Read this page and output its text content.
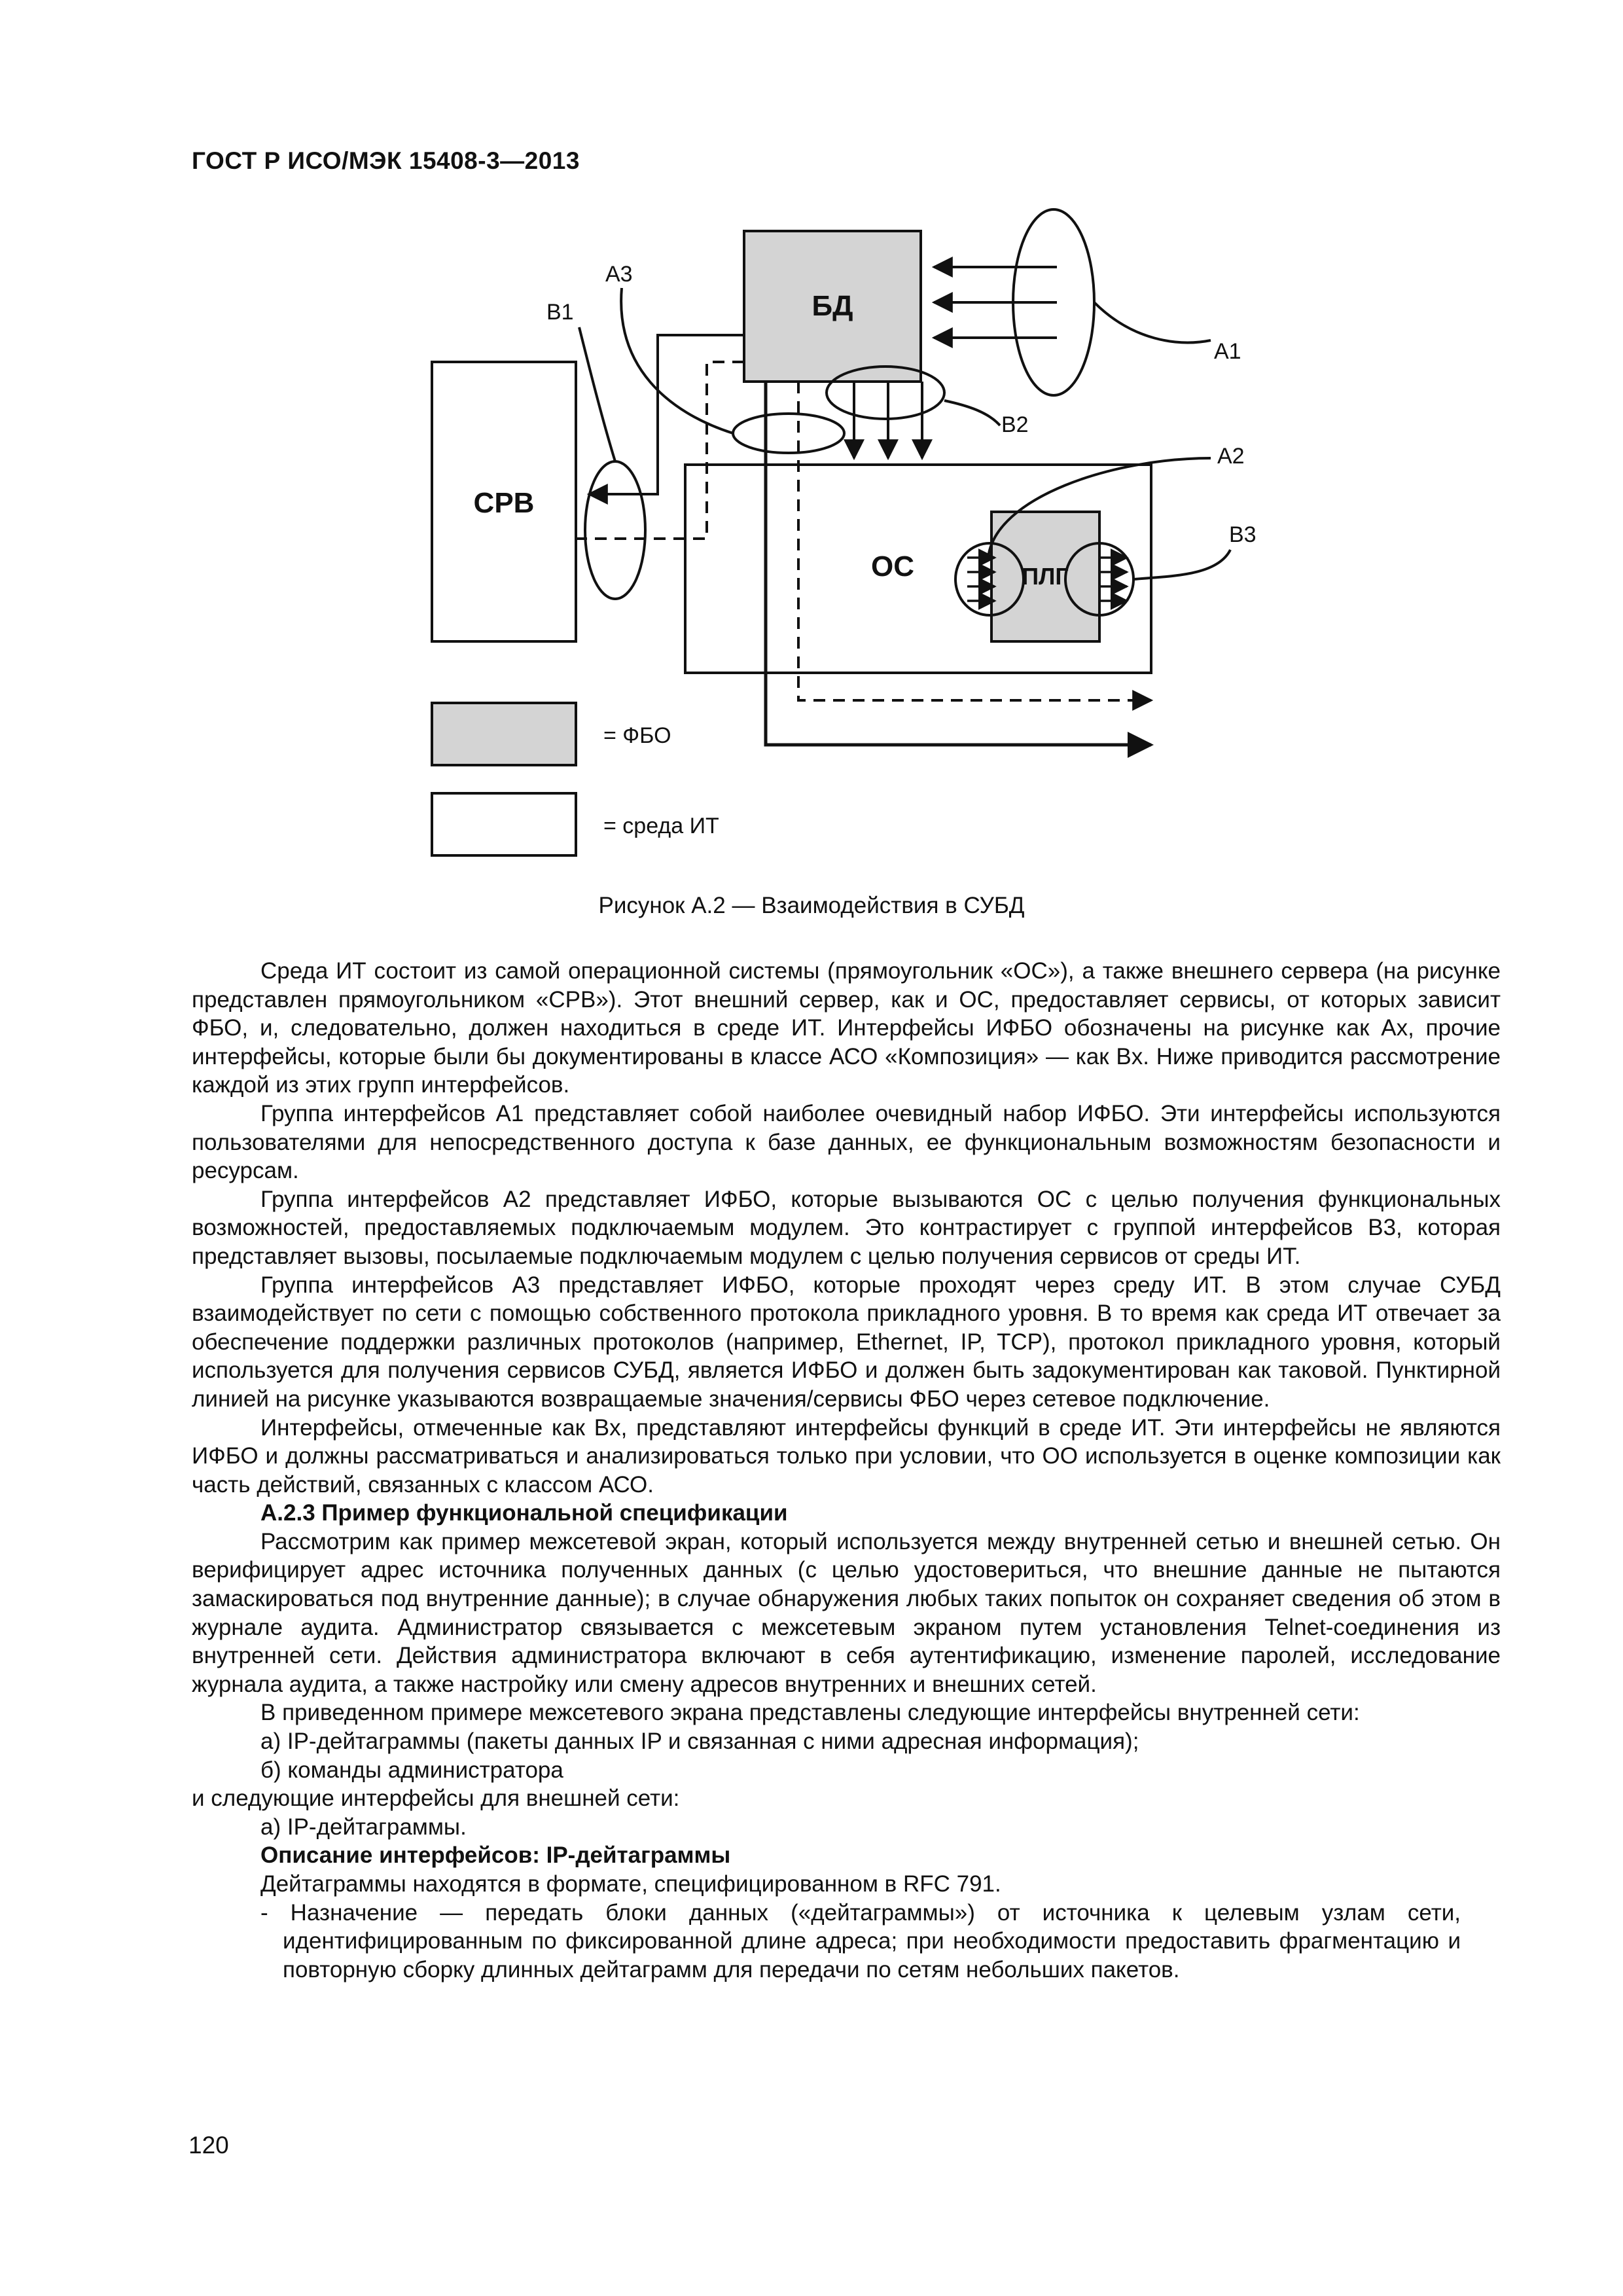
ГОСТ Р ИСО/МЭК 15408-3—2013
СРВ
ОС
БД
ПЛГ
A1
B2
A2
B3
B1
A3
= ФБО
= среда ИТ
Рисунок А.2 — Взаимодействия в СУБД

Среда ИТ состоит из самой операционной системы (прямоугольник «ОС»), а также внешнего сервера (на рисунке представлен прямоугольником «СРВ»). Этот внешний сервер, как и ОС, предоставляет сервисы, от которых зависит ФБО, и, следовательно, должен находиться в среде ИТ. Интерфейсы ИФБО обозначены на рисунке как Ax, прочие интерфейсы, которые были бы документированы в классе АСО «Композиция» — как Bx. Ниже приводится рассмотрение каждой из этих групп интерфейсов.

Группа интерфейсов A1 представляет собой наиболее очевидный набор ИФБО. Эти интерфейсы используются пользователями для непосредственного доступа к базе данных, ее функциональным возможностям безопасности и ресурсам.

Группа интерфейсов A2 представляет ИФБО, которые вызываются ОС с целью получения функциональных возможностей, предоставляемых подключаемым модулем. Это контрастирует с группой интерфейсов B3, которая представляет вызовы, посылаемые подключаемым модулем с целью получения сервисов от среды ИТ.

Группа интерфейсов A3 представляет ИФБО, которые проходят через среду ИТ. В этом случае СУБД взаимодействует по сети с помощью собственного протокола прикладного уровня. В то время как среда ИТ отвечает за обеспечение поддержки различных протоколов (например, Ethernet, IP, TCP), протокол прикладного уровня, который используется для получения сервисов СУБД, является ИФБО и должен быть задокументирован как таковой. Пунктирной линией на рисунке указываются возвращаемые значения/сервисы ФБО через сетевое подключение.

Интерфейсы, отмеченные как Bx, представляют интерфейсы функций в среде ИТ. Эти интерфейсы не являются ИФБО и должны рассматриваться и анализироваться только при условии, что ОО используется в оценке композиции как часть действий, связанных с классом АСО.

А.2.3 Пример функциональной спецификации

Рассмотрим как пример межсетевой экран, который используется между внутренней сетью и внешней сетью. Он верифицирует адрес источника полученных данных (с целью удостовериться, что внешние данные не пытаются замаскироваться под внутренние данные); в случае обнаружения любых таких попыток он сохраняет сведения об этом в журнале аудита. Администратор связывается с межсетевым экраном путем установления Telnet-соединения из внутренней сети. Действия администратора включают в себя аутентификацию, изменение паролей, исследование журнала аудита, а также настройку или смену адресов внутренних и внешних сетей.

В приведенном примере межсетевого экрана представлены следующие интерфейсы внутренней сети:

а) IP-дейтаграммы (пакеты данных IP и связанная с ними адресная информация);

б) команды администратора

и следующие интерфейсы для внешней сети:

а) IP-дейтаграммы.

Описание интерфейсов: IP-дейтаграммы

Дейтаграммы находятся в формате, специфицированном в RFC 791.

- Назначение — передать блоки данных («дейтаграммы») от источника к целевым узлам сети, идентифицированным по фиксированной длине адреса; при необходимости предоставить фрагментацию и повторную сборку длинных дейтаграмм для передачи по сетям небольших пакетов.

120
